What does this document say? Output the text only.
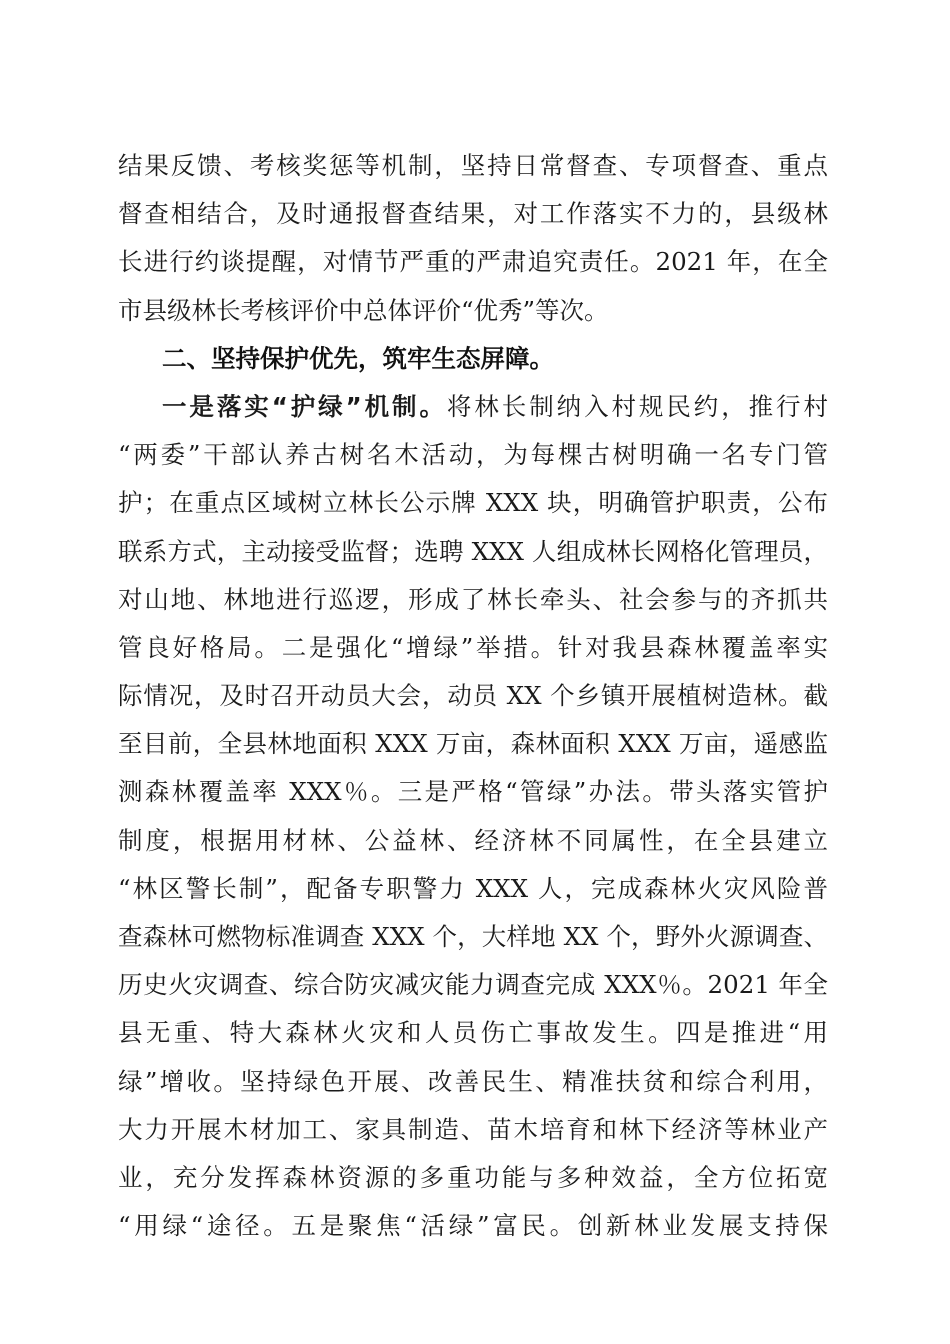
结果反馈、考核奖惩等机制，坚持日常督查、专项督查、重点
督查相结合，及时通报督查结果，对工作落实不力的，县级林
长进行约谈提醒，对情节严重的严肃追究责任。2021 年，在全
市县级林长考核评价中总体评价“优秀”等次。
二、坚持保护优先，筑牢生态屏障。
一是落实“护绿”机制。将林长制纳入村规民约，推行村
“两委”干部认养古树名木活动，为每棵古树明确一名专门管
护；在重点区域树立林长公示牌 XXX 块，明确管护职责，公布
联系方式，主动接受监督；选聘 XXX 人组成林长网格化管理员，
对山地、林地进行巡逻，形成了林长牵头、社会参与的齐抓共
管良好格局。二是强化“增绿”举措。针对我县森林覆盖率实
际情况，及时召开动员大会，动员 XX 个乡镇开展植树造林。截
至目前，全县林地面积 XXX 万亩，森林面积 XXX 万亩，遥感监
测森林覆盖率 XXX％。三是严格“管绿”办法。带头落实管护
制度，根据用材林、公益林、经济林不同属性，在全县建立
“林区警长制”，配备专职警力 XXX 人，完成森林火灾风险普
查森林可燃物标准调查 XXX 个，大样地 XX 个，野外火源调查、
历史火灾调查、综合防灾减灾能力调查完成 XXX％。2021 年全
县无重、特大森林火灾和人员伤亡事故发生。四是推进“用
绿”增收。坚持绿色开展、改善民生、精准扶贫和综合利用，
大力开展木材加工、家具制造、苗木培育和林下经济等林业产
业，充分发挥森林资源的多重功能与多种效益，全方位拓宽
“用绿“途径。五是聚焦“活绿”富民。创新林业发展支持保
